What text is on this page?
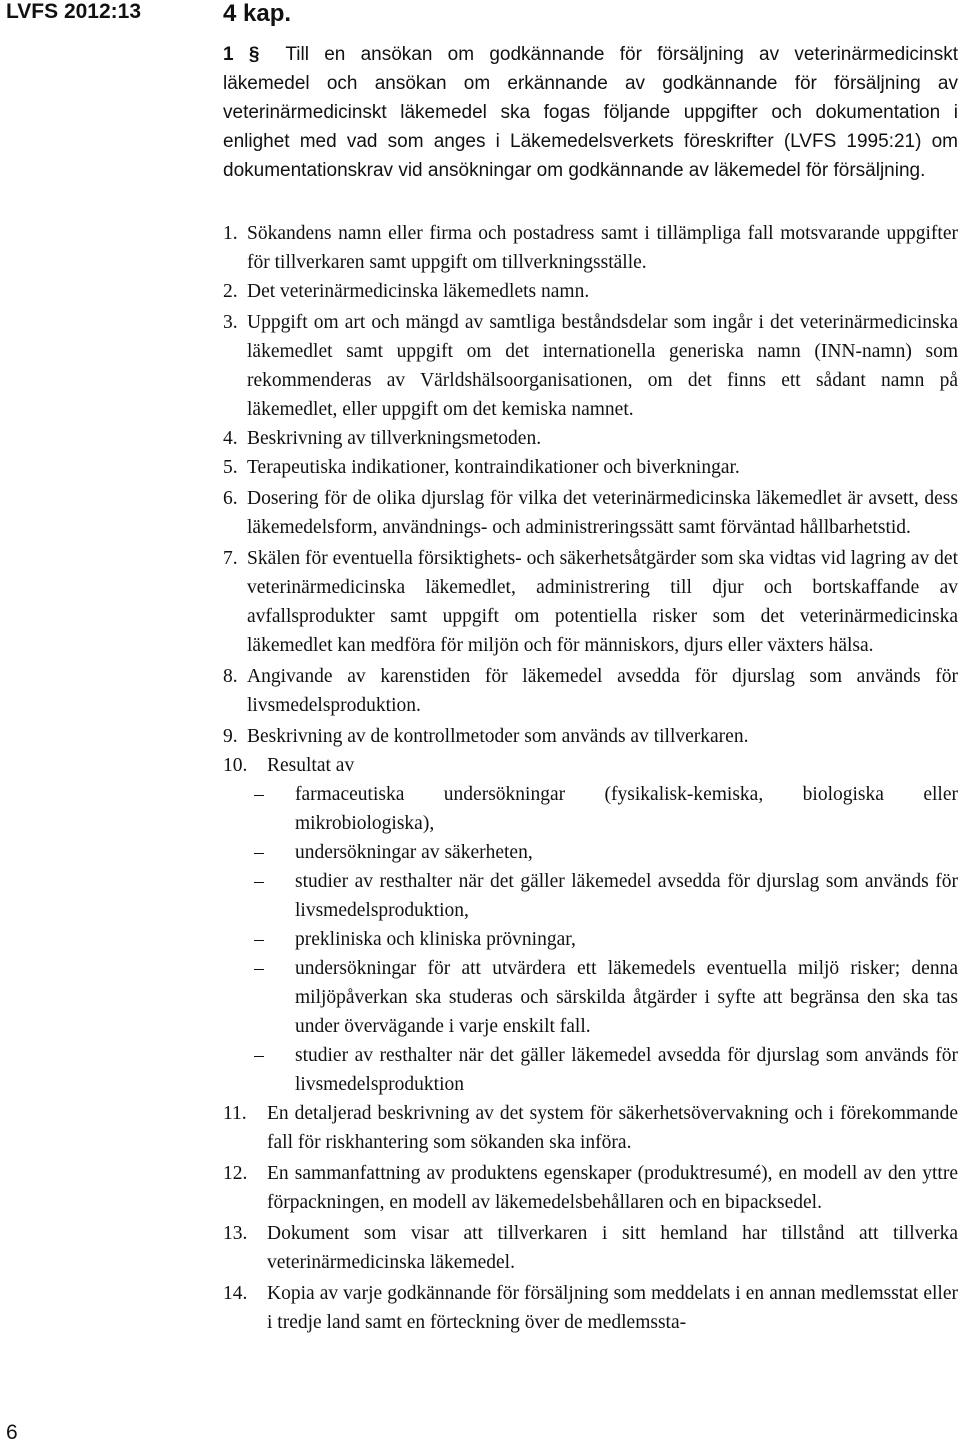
LVFS 2012:13	4 kap.
1 § Till en ansökan om godkännande för försäljning av veterinärmedicinskt läkemedel och ansökan om erkännande av godkännande för försäljning av veterinärmedicinskt läkemedel ska fogas följande uppgifter och dokumentation i enlighet med vad som anges i Läkemedelsverkets föreskrifter (LVFS 1995:21) om dokumentationskrav vid ansökningar om godkännande av läkemedel för försäljning.
1. Sökandens namn eller firma och postadress samt i tillämpliga fall motsvarande uppgifter för tillverkaren samt uppgift om tillverkningsställe.
2. Det veterinärmedicinska läkemedlets namn.
3. Uppgift om art och mängd av samtliga beståndsdelar som ingår i det veterinärmedicinska läkemedlet samt uppgift om det internationella generiska namn (INN-namn) som rekommenderas av Världshälsoorganisationen, om det finns ett sådant namn på läkemedlet, eller uppgift om det kemiska namnet.
4. Beskrivning av tillverkningsmetoden.
5. Terapeutiska indikationer, kontraindikationer och biverkningar.
6. Dosering för de olika djurslag för vilka det veterinärmedicinska läkemedlet är avsett, dess läkemedelsform, användnings- och administreringssätt samt förväntad hållbarhetstid.
7. Skälen för eventuella försiktighets- och säkerhetsåtgärder som ska vidtas vid lagring av det veterinärmedicinska läkemedlet, administrering till djur och bortskaffande av avfallsprodukter samt uppgift om potentiella risker som det veterinärmedicinska läkemedlet kan medföra för miljön och för människors, djurs eller växters hälsa.
8. Angivande av karenstiden för läkemedel avsedda för djurslag som används för livsmedelsproduktion.
9. Beskrivning av de kontrollmetoder som används av tillverkaren.
10.	Resultat av
–	farmaceutiska undersökningar (fysikalisk-kemiska, biologiska eller mikrobiologiska),
–	undersökningar av säkerheten,
–	studier av resthalter när det gäller läkemedel avsedda för djurslag som används för livsmedelsproduktion,
–	prekliniska och kliniska prövningar,
–	undersökningar för att utvärdera ett läkemedels eventuella miljö risker; denna miljöpåverkan ska studeras och särskilda åtgärder i syfte att begränsa den ska tas under övervägande i varje enskilt fall.
–	studier av resthalter när det gäller läkemedel avsedda för djurslag som används för livsmedelsproduktion
11.	En detaljerad beskrivning av det system för säkerhetsövervakning och i förekommande fall för riskhantering som sökanden ska införa.
12.	En sammanfattning av produktens egenskaper (produktresumé), en modell av den yttre förpackningen, en modell av läkemedelsbehållaren och en bipacksedel.
13.	Dokument som visar att tillverkaren i sitt hemland har tillstånd att tillverka veterinärmedicinska läkemedel.
14.	Kopia av varje godkännande för försäljning som meddelats i en annan medlemsstat eller i tredje land samt en förteckning över de medlemssta-
6
